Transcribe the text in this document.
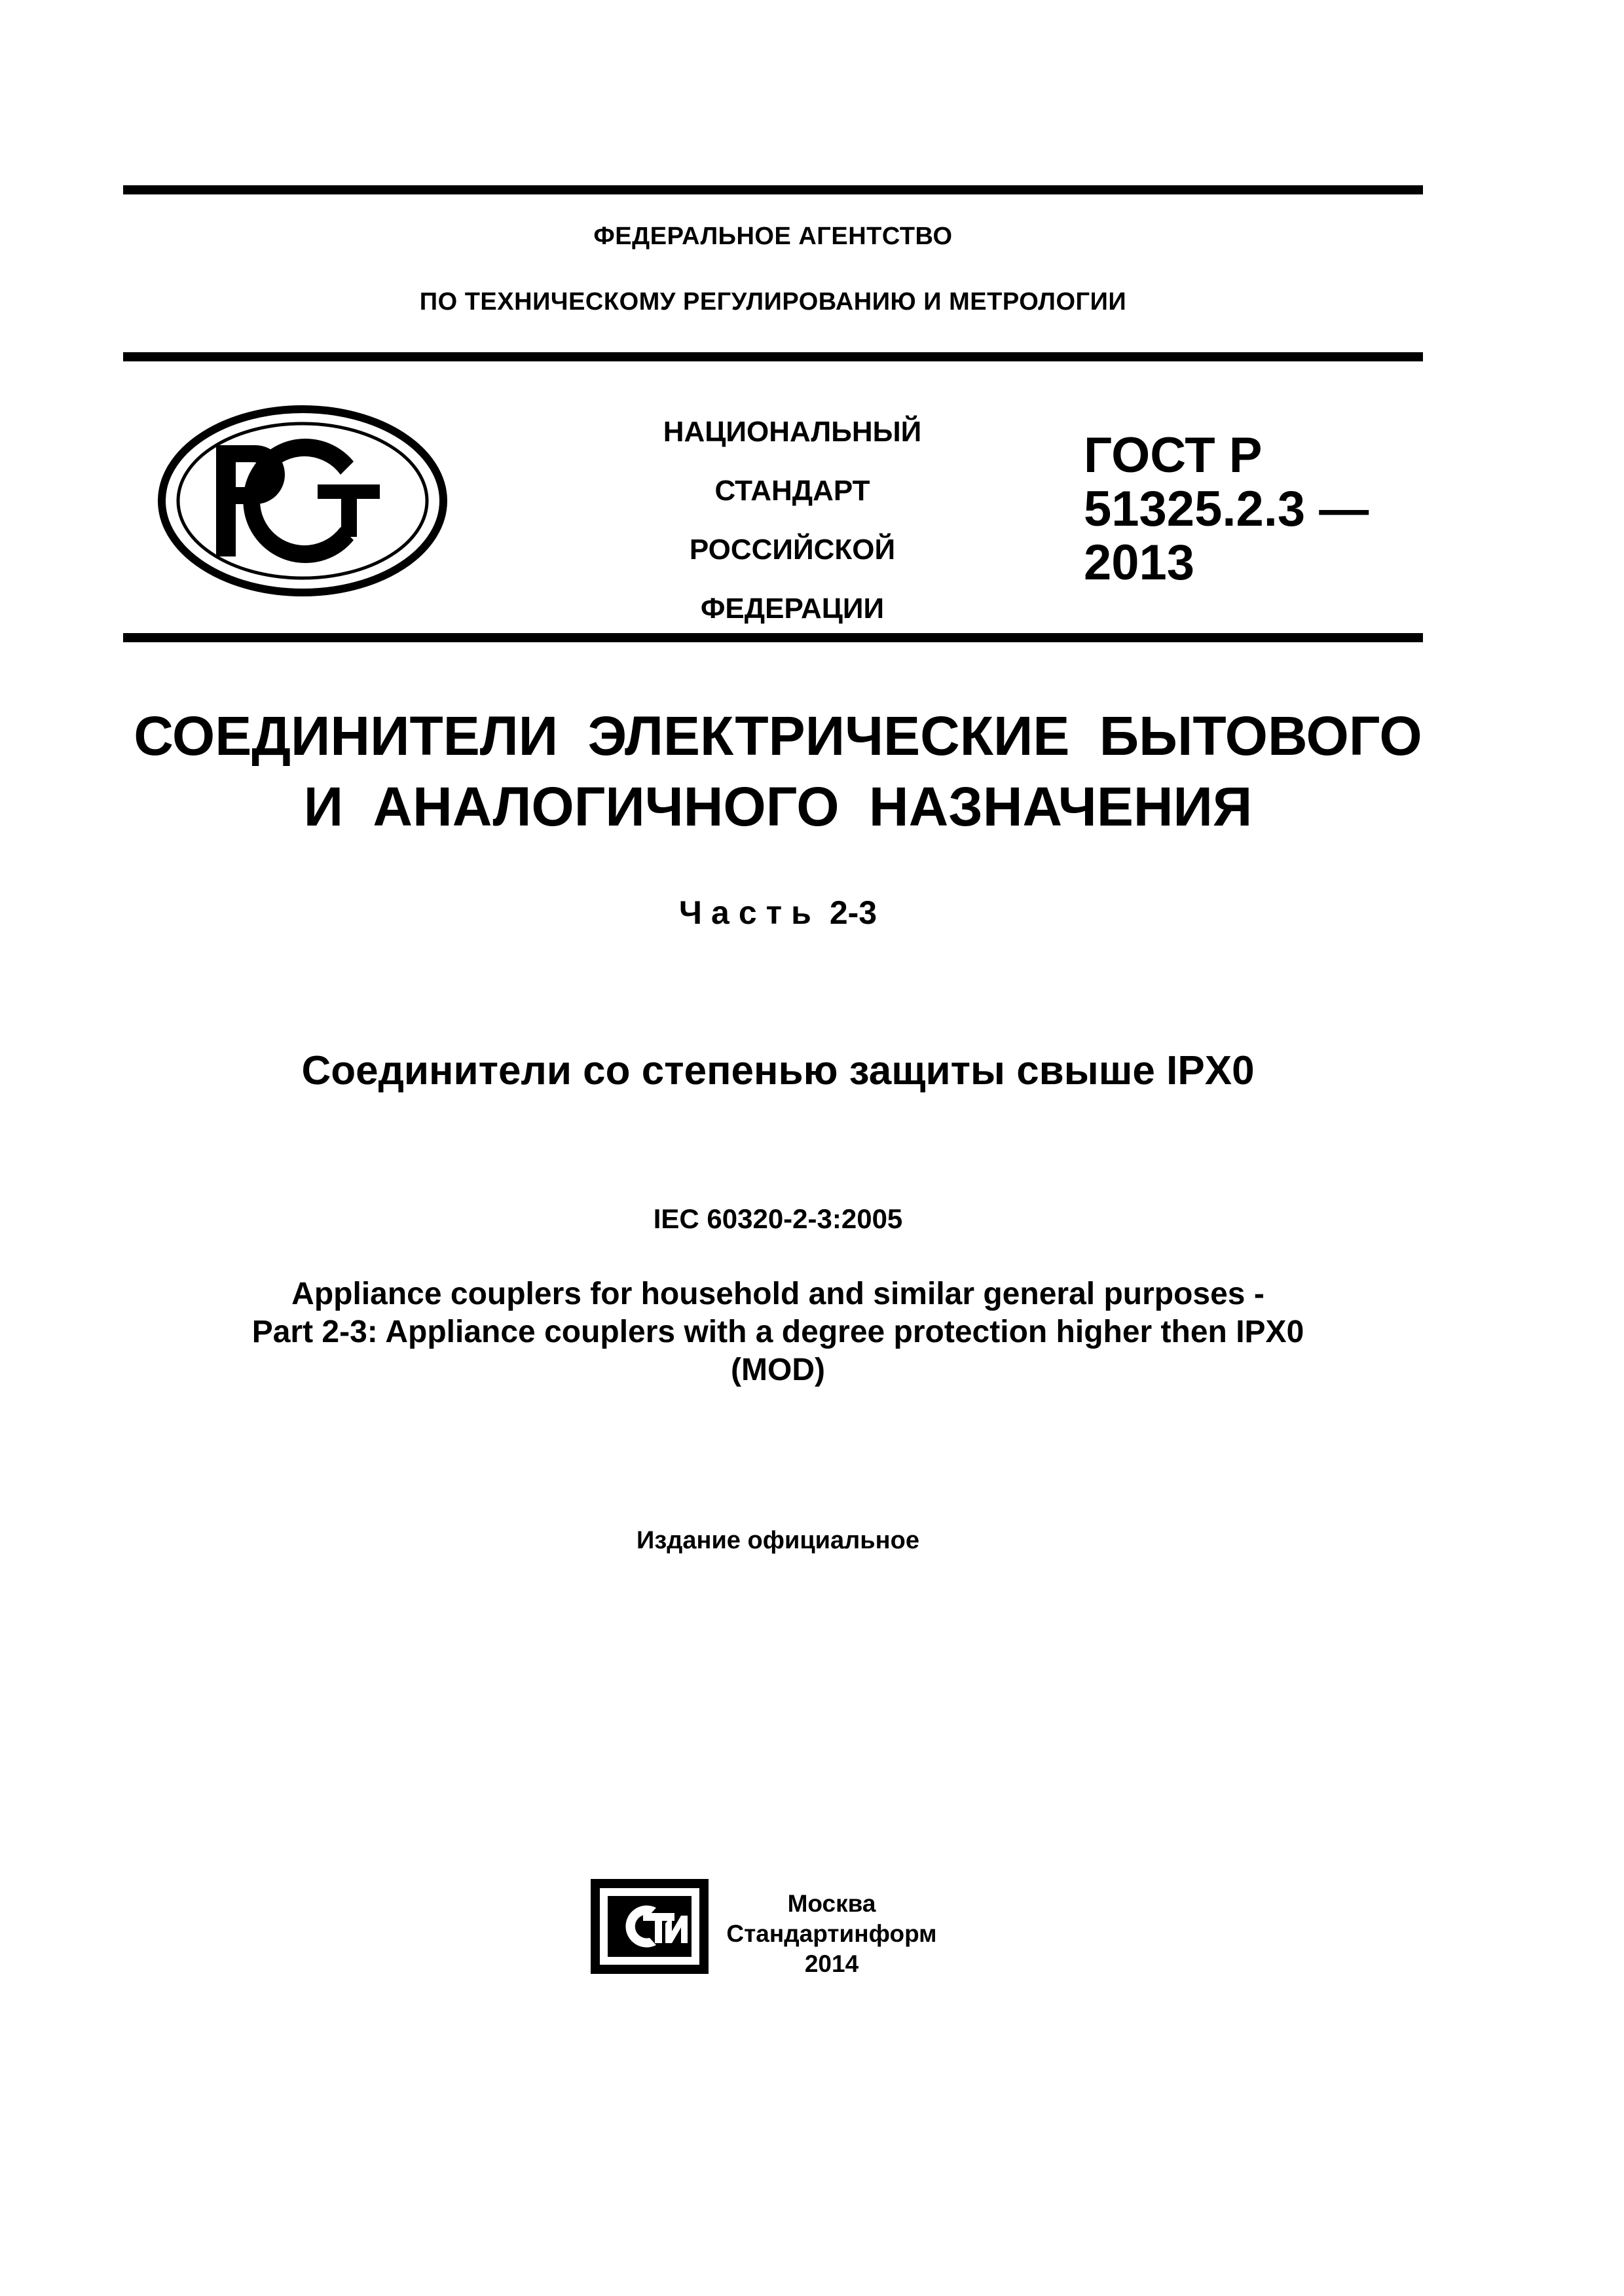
ФЕДЕРАЛЬНОЕ АГЕНТСТВО
ПО ТЕХНИЧЕСКОМУ РЕГУЛИРОВАНИЮ И МЕТРОЛОГИИ
НАЦИОНАЛЬНЫЙ
СТАНДАРТ
РОССИЙСКОЙ
ФЕДЕРАЦИИ
ГОСТ Р
51325.2.3 —
2013
СОЕДИНИТЕЛИ ЭЛЕКТРИЧЕСКИЕ БЫТОВОГО
И АНАЛОГИЧНОГО НАЗНАЧЕНИЯ
Часть 2-3
Соединители со степенью защиты свыше IPX0
IEC 60320-2-3:2005
Appliance couplers for household and similar general purposes -
Part 2-3: Appliance couplers with a degree protection higher then IPX0
(MOD)
Издание официальное
Москва
Стандартинформ
2014
